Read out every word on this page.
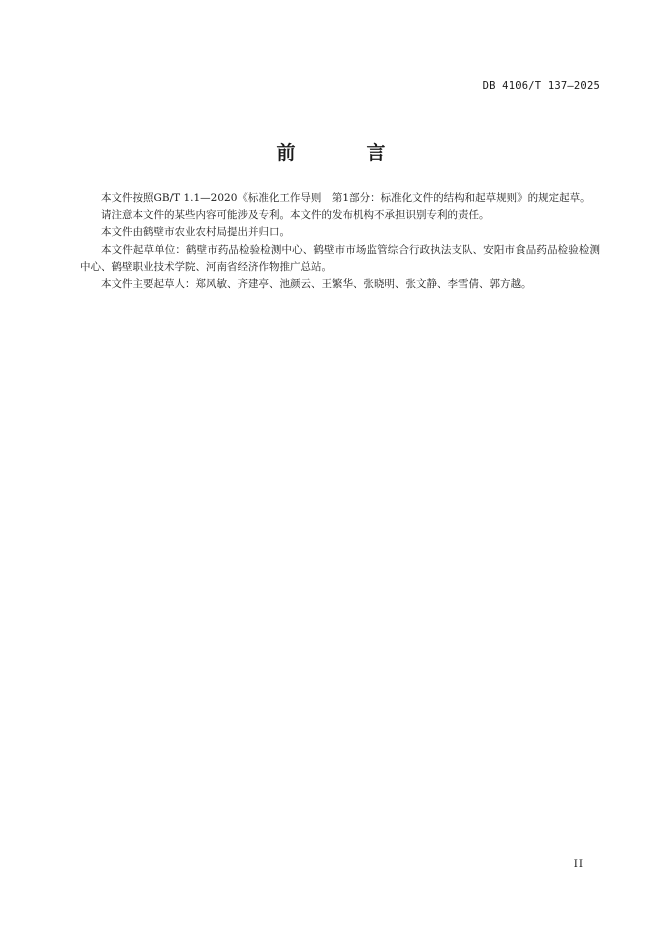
DB 4106/T 137—2025
前　言

本文件按照GB/T 1.1—2020《标准化工作导则　第1部分：标准化文件的结构和起草规则》的规定起草。

请注意本文件的某些内容可能涉及专利。本文件的发布机构不承担识别专利的责任。

本文件由鹤壁市农业农村局提出并归口。

本文件起草单位：鹤壁市药品检验检测中心、鹤壁市市场监管综合行政执法支队、安阳市食品药品检验检测中心、鹤壁职业技术学院、河南省经济作物推广总站。

本文件主要起草人：郑风敏、齐建亭、池颜云、王繁华、张晓明、张文静、李雪倩、郭方越。

II
